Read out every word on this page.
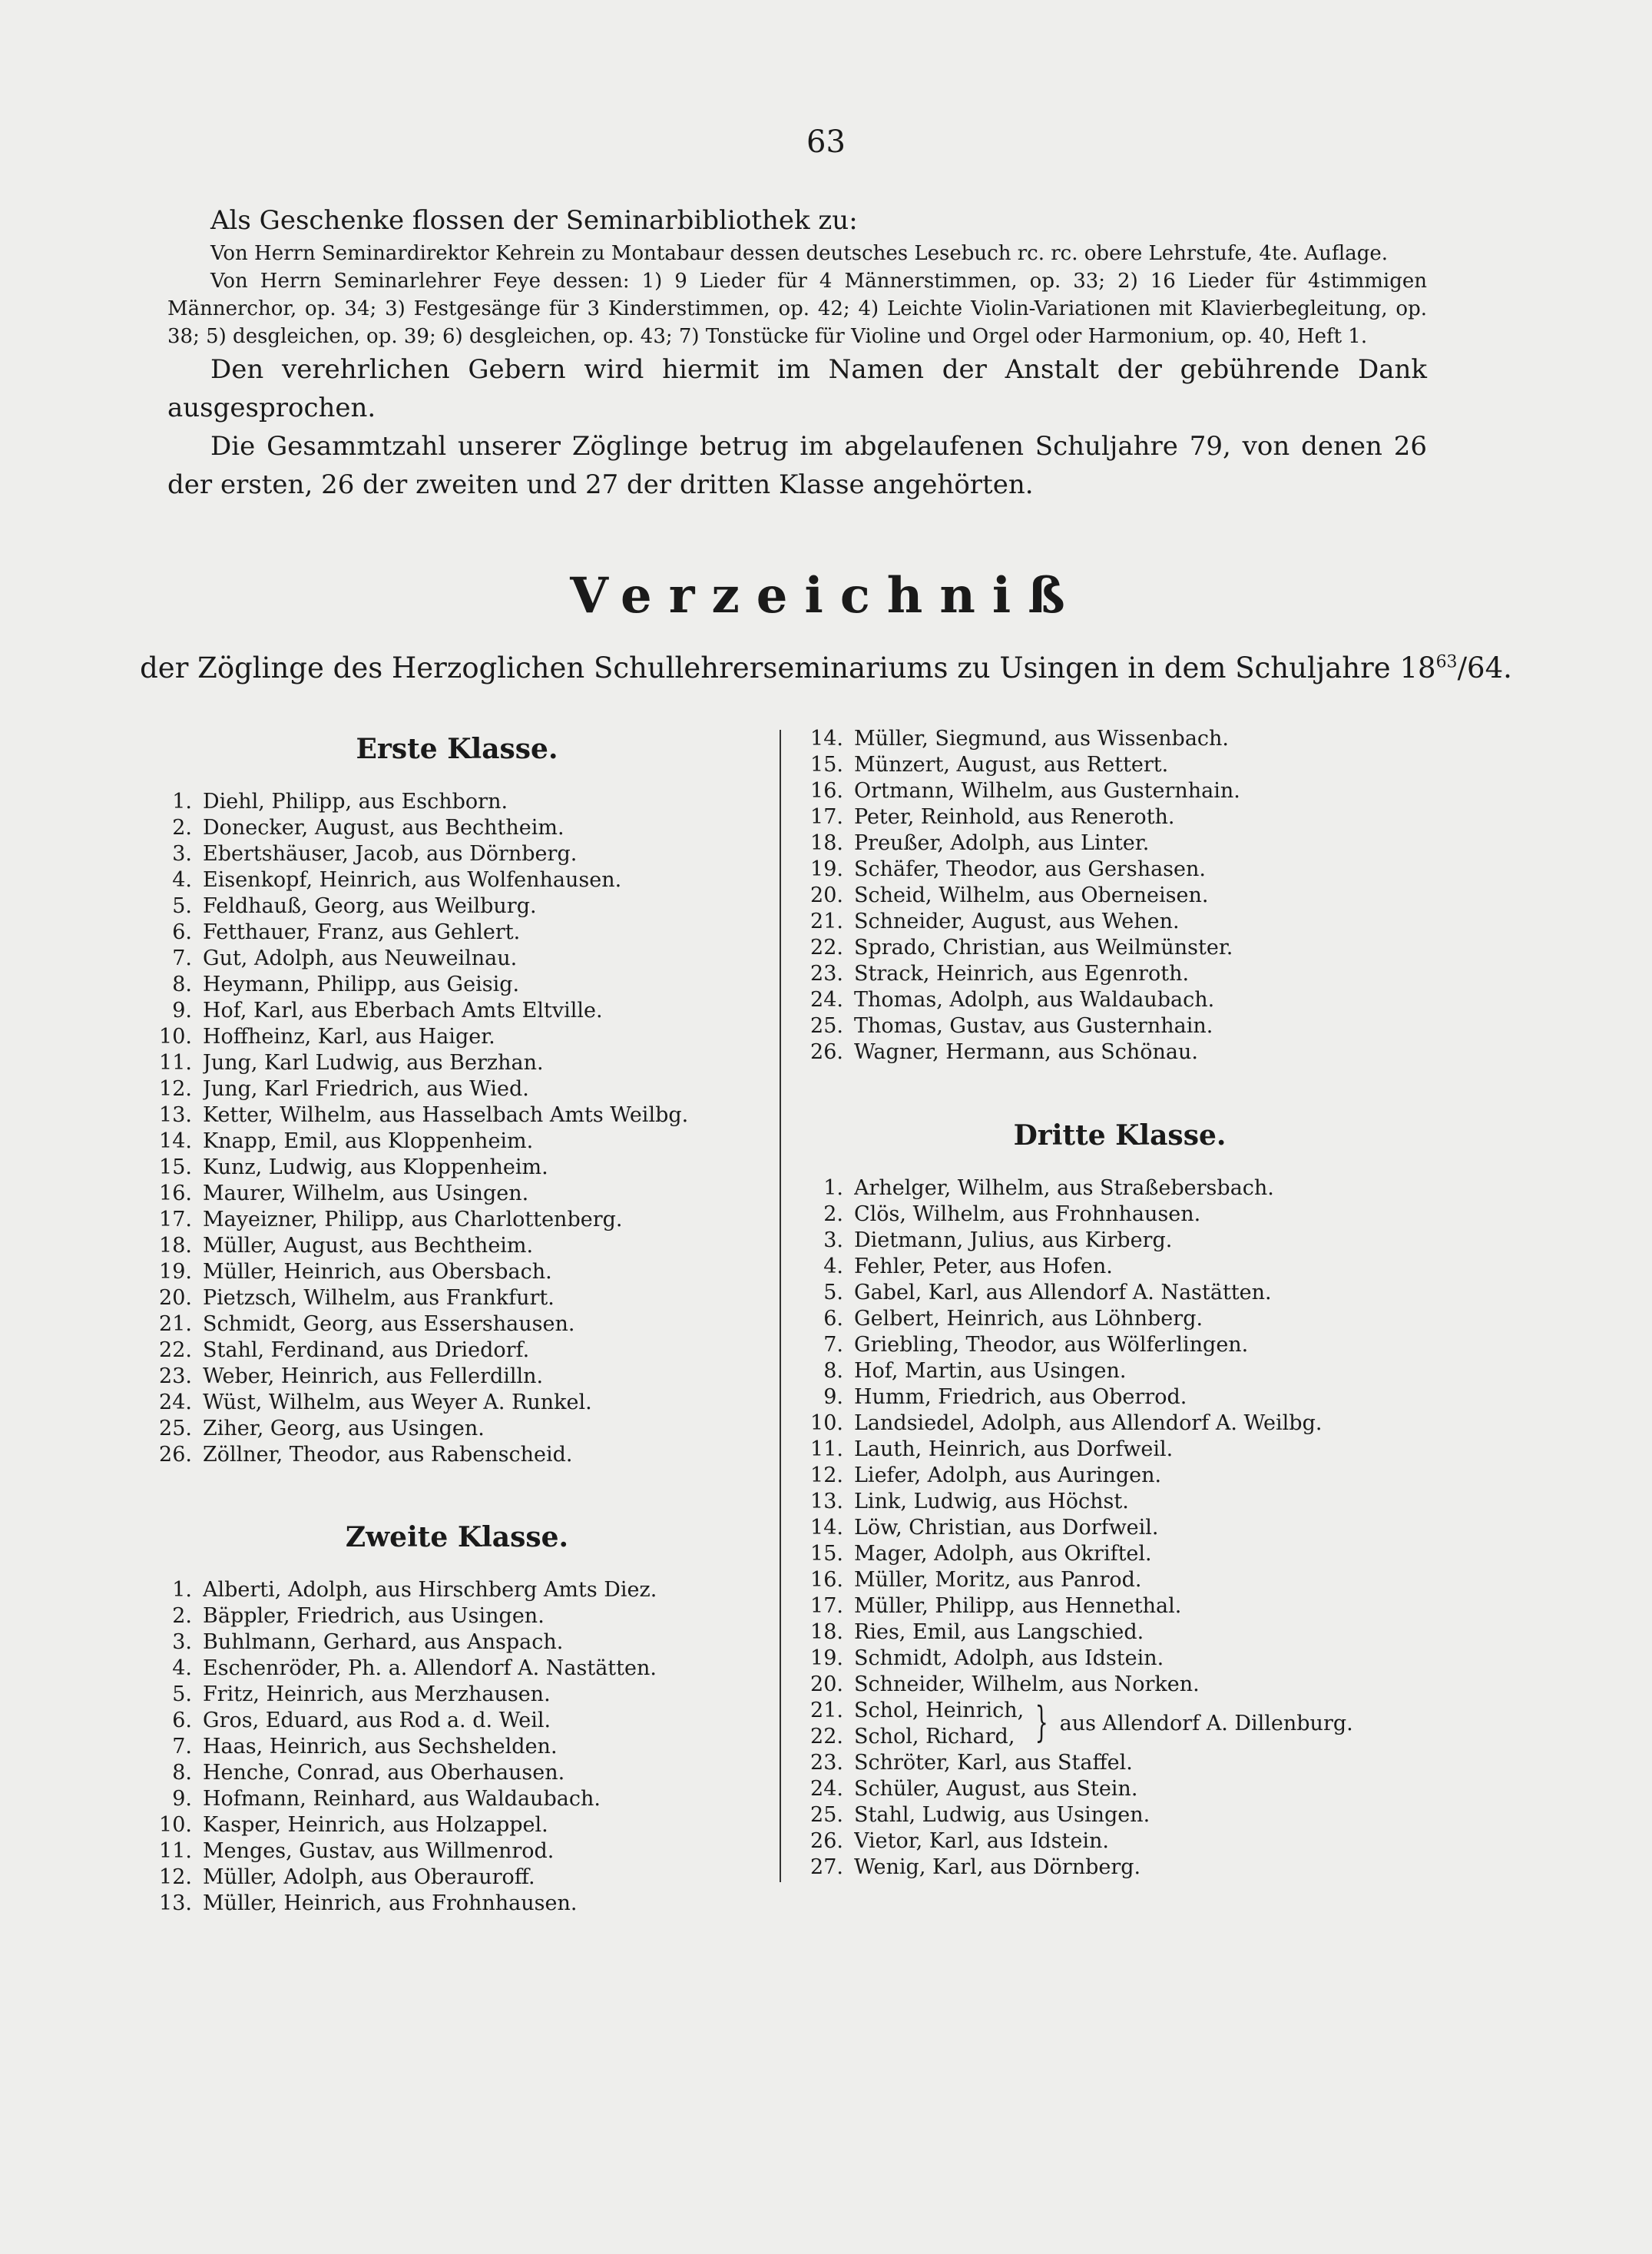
63

Als Geschenke flossen der Seminarbibliothek zu:

Von Herrn Seminardirektor Kehrein zu Montabaur dessen deutsches Lesebuch rc. rc. obere Lehrstufe, 4te. Auflage.

Von Herrn Seminarlehrer Feye dessen: 1) 9 Lieder für 4 Männerstimmen, op. 33; 2) 16 Lieder für 4stimmigen Männerchor, op. 34; 3) Festgesänge für 3 Kinderstimmen, op. 42; 4) Leichte Violin-Variationen mit Klavierbegleitung, op. 38; 5) desgleichen, op. 39; 6) desgleichen, op. 43; 7) Tonstücke für Violine und Orgel oder Harmonium, op. 40, Heft 1.

Den verehrlichen Gebern wird hiermit im Namen der Anstalt der gebührende Dank ausgesprochen.

Die Gesammtzahl unserer Zöglinge betrug im abgelaufenen Schuljahre 79, von denen 26 der ersten, 26 der zweiten und 27 der dritten Klasse angehörten.

Verzeichniß
der Zöglinge des Herzoglichen Schullehrerseminariums zu Usingen in dem Schuljahre $18^{63}/64$.
Erste Klasse.
1. Diehl, Philipp, aus Eschborn.
2. Donecker, August, aus Bechtheim.
3. Ebertshäuser, Jacob, aus Dörnberg.
4. Eisenkopf, Heinrich, aus Wolfenhausen.
5. Feldhauß, Georg, aus Weilburg.
6. Fetthauer, Franz, aus Gehlert.
7. Gut, Adolph, aus Neuweilnau.
8. Heymann, Philipp, aus Geisig.
9. Hof, Karl, aus Eberbach Amts Eltville.
10. Hoffheinz, Karl, aus Haiger.
11. Jung, Karl Ludwig, aus Berzhan.
12. Jung, Karl Friedrich, aus Wied.
13. Ketter, Wilhelm, aus Hasselbach Amts Weilbg.
14. Knapp, Emil, aus Kloppenheim.
15. Kunz, Ludwig, aus Kloppenheim.
16. Maurer, Wilhelm, aus Usingen.
17. Mayeizner, Philipp, aus Charlottenberg.
18. Müller, August, aus Bechtheim.
19. Müller, Heinrich, aus Obersbach.
20. Pietzsch, Wilhelm, aus Frankfurt.
21. Schmidt, Georg, aus Essershausen.
22. Stahl, Ferdinand, aus Driedorf.
23. Weber, Heinrich, aus Fellerdilln.
24. Wüst, Wilhelm, aus Weyer A. Runkel.
25. Ziher, Georg, aus Usingen.
26. Zöllner, Theodor, aus Rabenscheid.
Zweite Klasse.
1. Alberti, Adolph, aus Hirschberg Amts Diez.
2. Bäppler, Friedrich, aus Usingen.
3. Buhlmann, Gerhard, aus Anspach.
4. Eschenröder, Ph. a. Allendorf A. Nastätten.
5. Fritz, Heinrich, aus Merzhausen.
6. Gros, Eduard, aus Rod a. d. Weil.
7. Haas, Heinrich, aus Sechshelden.
8. Henche, Conrad, aus Oberhausen.
9. Hofmann, Reinhard, aus Waldaubach.
10. Kasper, Heinrich, aus Holzappel.
11. Menges, Gustav, aus Willmenrod.
12. Müller, Adolph, aus Oberauroff.
13. Müller, Heinrich, aus Frohnhausen.
14. Müller, Siegmund, aus Wissenbach.
15. Münzert, August, aus Rettert.
16. Ortmann, Wilhelm, aus Gusternhain.
17. Peter, Reinhold, aus Reneroth.
18. Preußer, Adolph, aus Linter.
19. Schäfer, Theodor, aus Gershasen.
20. Scheid, Wilhelm, aus Oberneisen.
21. Schneider, August, aus Wehen.
22. Sprado, Christian, aus Weilmünster.
23. Strack, Heinrich, aus Egenroth.
24. Thomas, Adolph, aus Waldaubach.
25. Thomas, Gustav, aus Gusternhain.
26. Wagner, Hermann, aus Schönau.
Dritte Klasse.
1. Arhelger, Wilhelm, aus Straßebersbach.
2. Clös, Wilhelm, aus Frohnhausen.
3. Dietmann, Julius, aus Kirberg.
4. Fehler, Peter, aus Hofen.
5. Gabel, Karl, aus Allendorf A. Nastätten.
6. Gelbert, Heinrich, aus Löhnberg.
7. Griebling, Theodor, aus Wölferlingen.
8. Hof, Martin, aus Usingen.
9. Humm, Friedrich, aus Oberrod.
10. Landsiedel, Adolph, aus Allendorf A. Weilbg.
11. Lauth, Heinrich, aus Dorfweil.
12. Liefer, Adolph, aus Auringen.
13. Link, Ludwig, aus Höchst.
14. Löw, Christian, aus Dorfweil.
15. Mager, Adolph, aus Okriftel.
16. Müller, Moritz, aus Panrod.
17. Müller, Philipp, aus Hennethal.
18. Ries, Emil, aus Langschied.
19. Schmidt, Adolph, aus Idstein.
20. Schneider, Wilhelm, aus Norken.
21. Schol, Heinrich,
22. Schol, Richard, } aus Allendorf A. Dillenburg.
23. Schröter, Karl, aus Staffel.
24. Schüler, August, aus Stein.
25. Stahl, Ludwig, aus Usingen.
26. Vietor, Karl, aus Idstein.
27. Wenig, Karl, aus Dörnberg.
